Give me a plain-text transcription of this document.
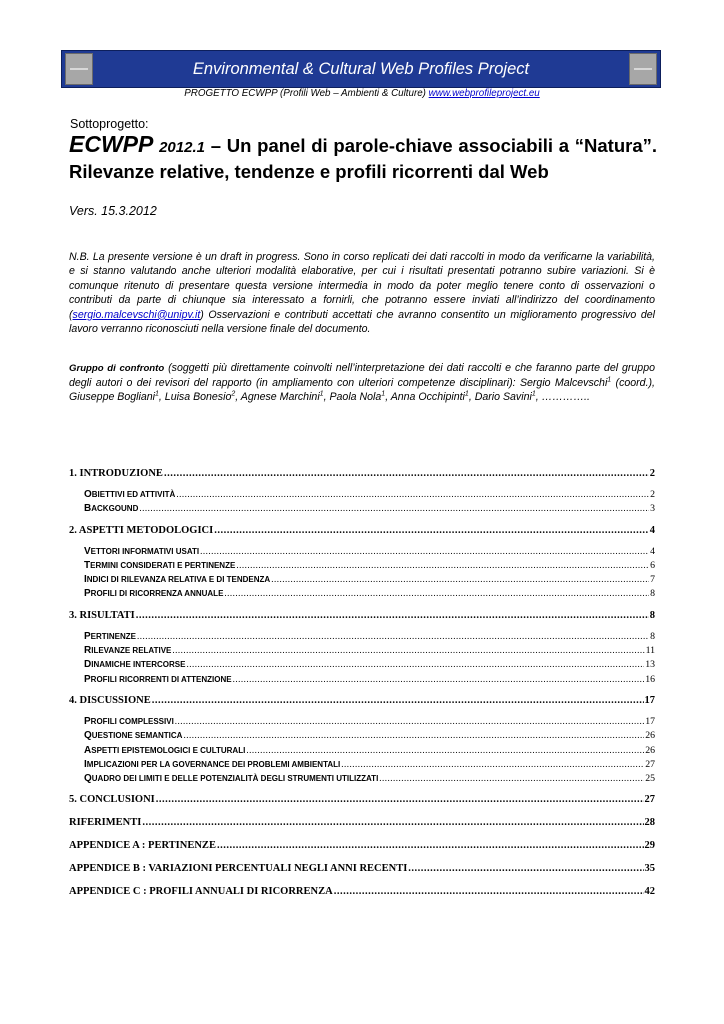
Environmental & Cultural Web Profiles Project
PROGETTO ECWPP (Profili Web – Ambienti & Culture) www.webprofileproject.eu
Sottoprogetto:
ECWPP 2012.1 – Un panel di parole-chiave associabili a “Natura”. Rilevanze relative, tendenze e profili ricorrenti dal Web
Vers. 15.3.2012
N.B. La presente versione è un draft in progress. Sono in corso replicati dei dati raccolti in modo da verificarne la variabilità, e si stanno valutando anche ulteriori modalità elaborative, per cui i risultati presentati potranno subire variazioni. Si è comunque ritenuto di presentare questa versione intermedia in modo da poter meglio tenere conto di osservazioni o contributi da parte di chiunque sia interessato a fornirli, che potranno essere inviati all’indirizzo del coordinamento (sergio.malcevschi@unipv.it) Osservazioni e contributi accettati che avranno consentito un miglioramento progressivo del lavoro verranno riconosciuti nella versione finale del documento.
Gruppo di confronto (soggetti più direttamente coinvolti nell’interpretazione dei dati raccolti e che faranno parte del gruppo degli autori o dei revisori del rapporto (in ampliamento con ulteriori competenze disciplinari): Sergio Malcevschi$^1$ (coord.), Giuseppe Bogliani$^1$, Luisa Bonesio$^2$, Agnese Marchini$^1$, Paola Nola$^1$, Anna Occhipinti$^1$, Dario Savini$^1$, …………..
1. INTRODUZIONE .....	2
OBIETTIVI ED ATTIVITÀ .....	2
BACKGOUND .....	3
2. ASPETTI METODOLOGICI .....	4
VETTORI INFORMATIVI USATI .....	4
TERMINI CONSIDERATI E PERTINENZE .....	6
INDICI DI RILEVANZA RELATIVA E DI TENDENZA .....	7
PROFILI DI RICORRENZA ANNUALE .....	8
3. RISULTATI .....	8
PERTINENZE .....	8
RILEVANZE RELATIVE .....	11
DINAMICHE INTERCORSE .....	13
PROFILI RICORRENTI DI ATTENZIONE .....	16
4. DISCUSSIONE .....	17
PROFILI COMPLESSIVI .....	17
QUESTIONE SEMANTICA .....	26
ASPETTI EPISTEMOLOGICI E CULTURALI .....	26
IMPLICAZIONI PER LA GOVERNANCE DEI PROBLEMI AMBIENTALI .....	27
QUADRO DEI LIMITI E DELLE POTENZIALITÀ DEGLI STRUMENTI UTILIZZATI .....	25
5. CONCLUSIONI .....	27
RIFERIMENTI .....	28
APPENDICE A : PERTINENZE .....	29
APPENDICE B : VARIAZIONI PERCENTUALI NEGLI ANNI RECENTI .....	35
APPENDICE C : PROFILI ANNUALI DI RICORRENZA .....	42
